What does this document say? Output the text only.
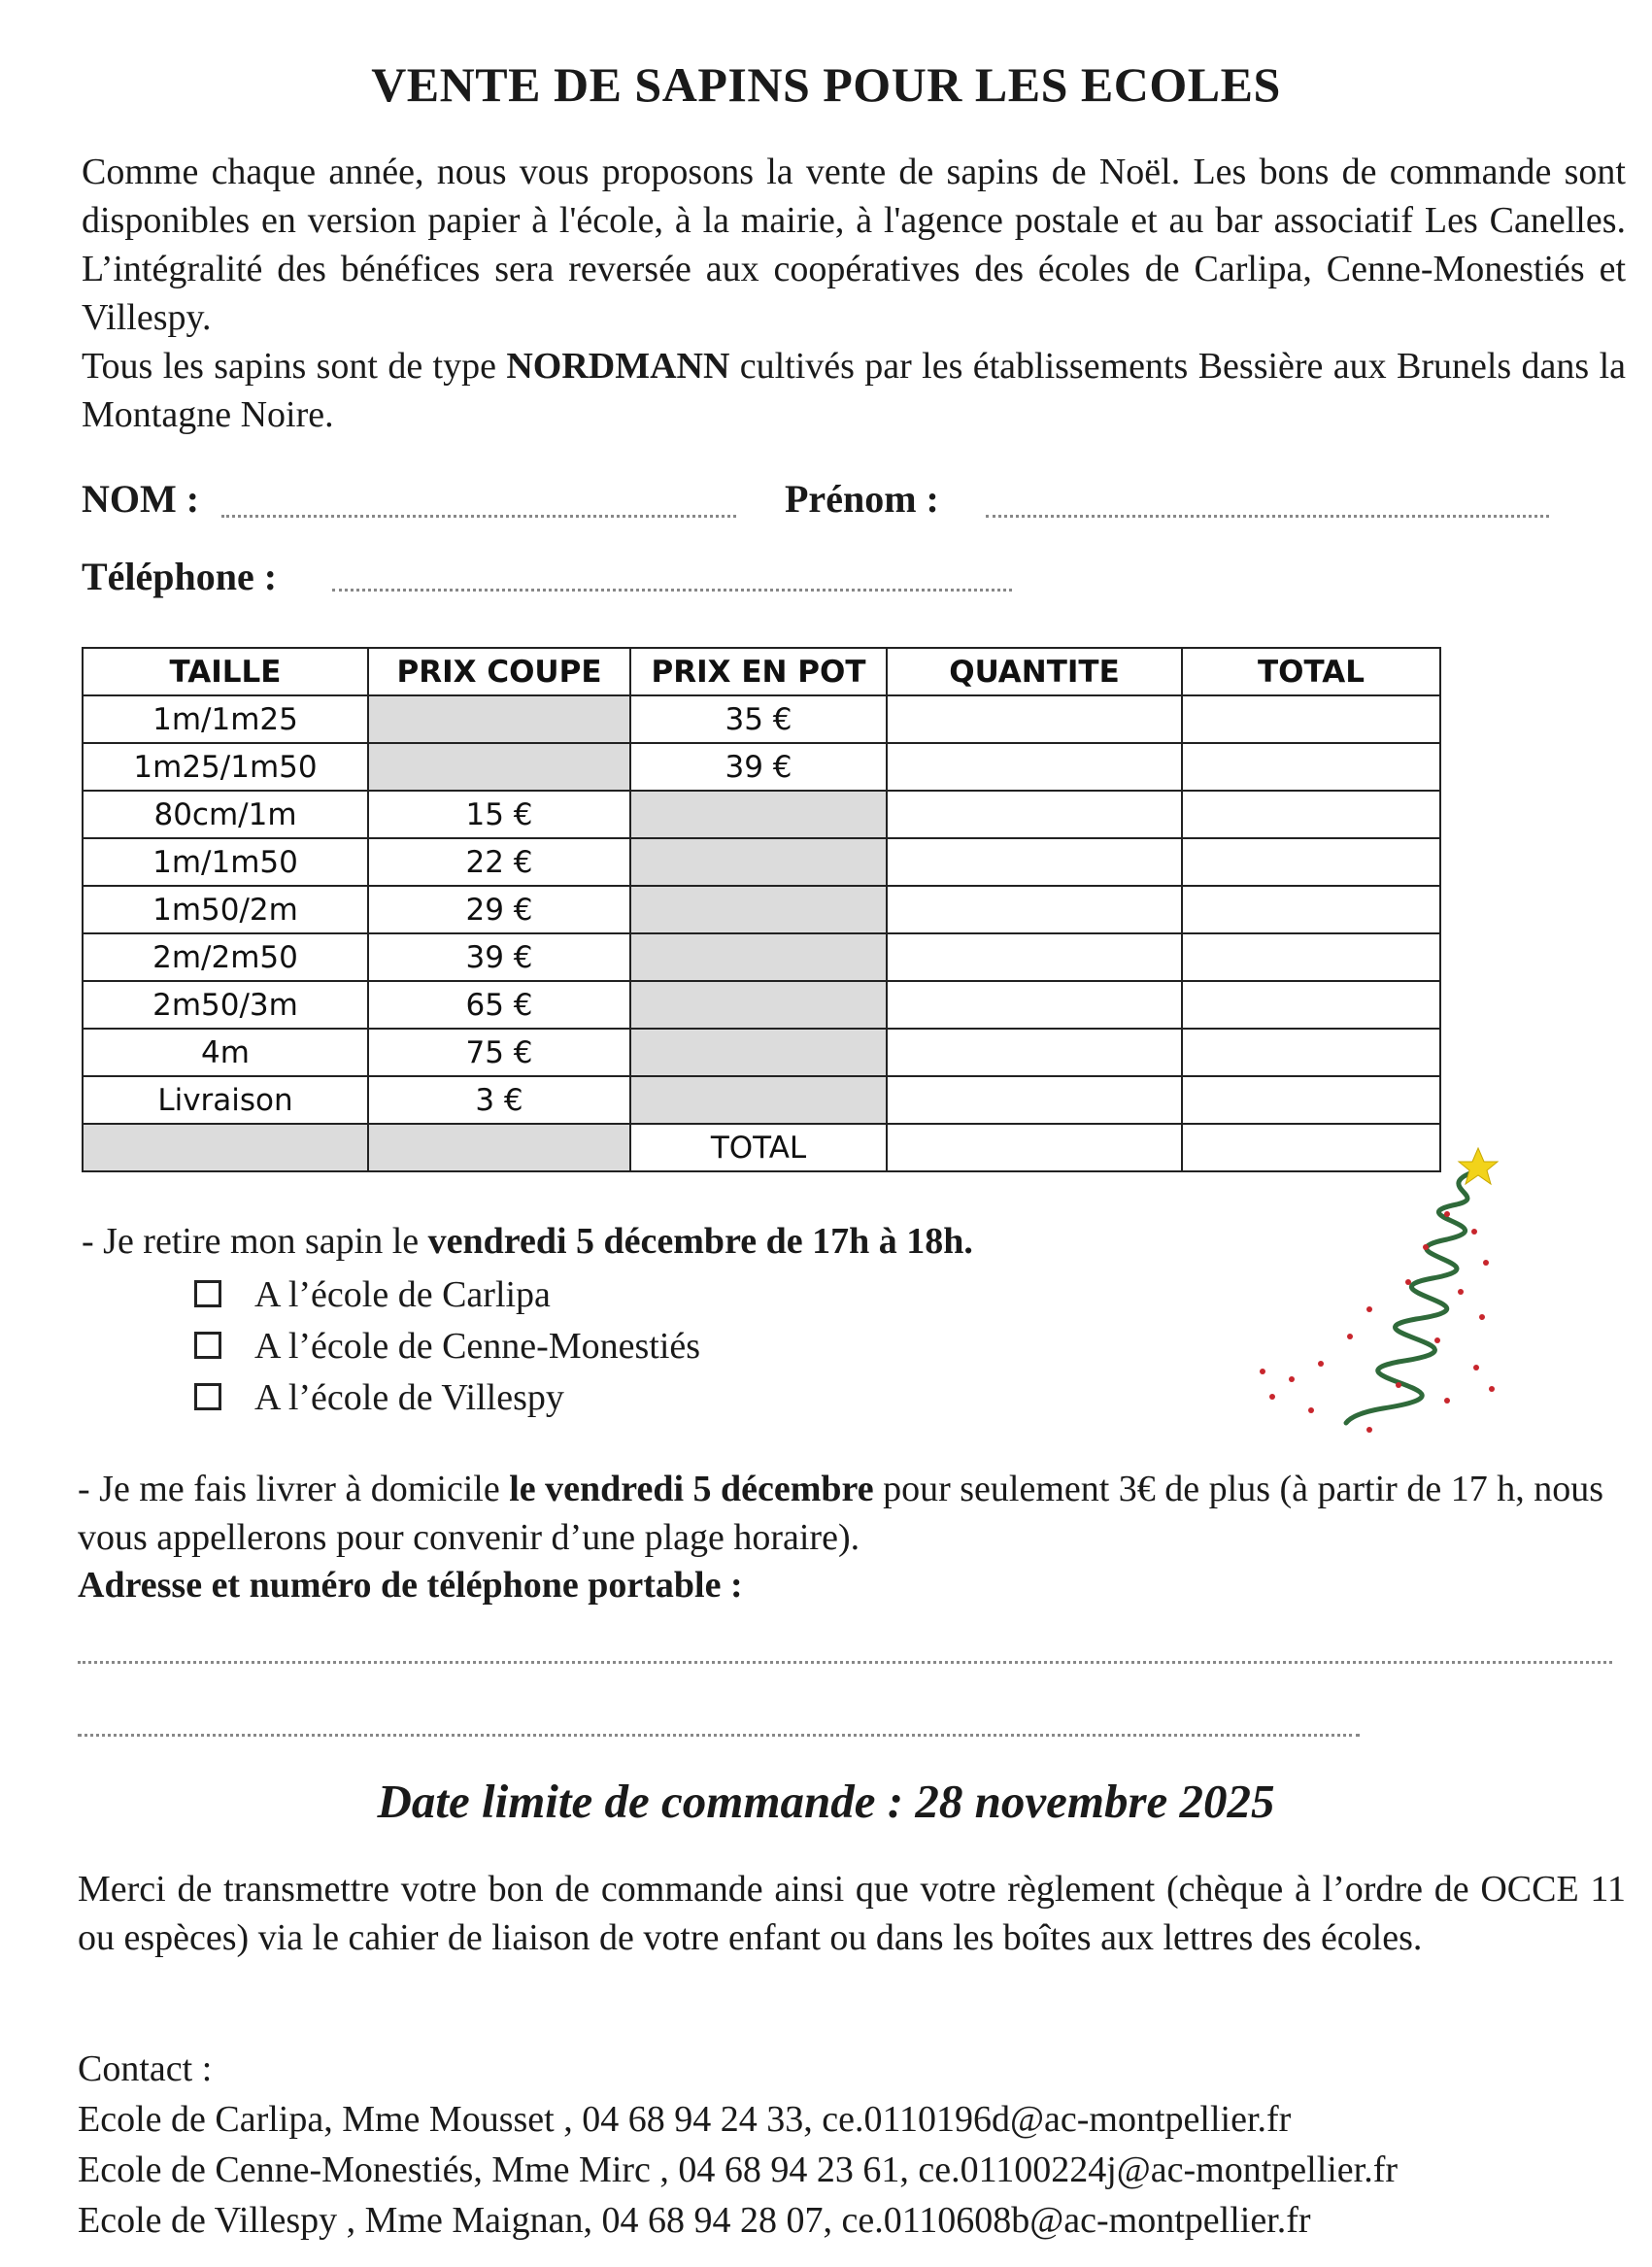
VENTE DE SAPINS POUR LES ECOLES

Comme chaque année, nous vous proposons la vente de sapins de Noël. Les bons de commande sont disponibles en version papier à l'école, à la mairie, à l'agence postale et au bar associatif Les Canelles. L’intégralité des bénéfices sera reversée aux coopératives des écoles de Carlipa, Cenne-Monestiés et Villespy.

Tous les sapins sont de type NORDMANN cultivés par les établissements Bessière aux Brunels dans la Montagne Noire.

NOM :	Prénom :
Téléphone :
TAILLE	PRIX COUPE	PRIX EN POT	QUANTITE	TOTAL
1m/1m25		35 €		
1m25/1m50		39 €		
80cm/1m	15 €			
1m/1m50	22 €			
1m50/2m	29 €			
2m/2m50	39 €			
2m50/3m	65 €			
4m	75 €			
Livraison	3 €			
		TOTAL		
- Je retire mon sapin le vendredi 5 décembre de 17h à 18h.
A l’école de Carlipa
A l’école de Cenne-Monestiés
A l’école de Villespy
- Je me fais livrer à domicile le vendredi 5 décembre pour seulement 3€ de plus (à partir de 17 h, nous vous appellerons pour convenir d’une plage horaire).
Adresse et numéro de téléphone portable :
Date limite de commande : 28 novembre 2025
Merci de transmettre votre bon de commande ainsi que votre règlement (chèque à l’ordre de OCCE 11 ou espèces) via le cahier de liaison de votre enfant ou dans les boîtes aux lettres des écoles.
Contact :
Ecole de Carlipa, Mme Mousset , 04 68 94 24 33, ce.0110196d@ac-montpellier.fr
Ecole de Cenne-Monestiés, Mme Mirc , 04 68 94 23 61, ce.01100224j@ac-montpellier.fr
Ecole de Villespy , Mme Maignan, 04 68 94 28 07, ce.0110608b@ac-montpellier.fr
